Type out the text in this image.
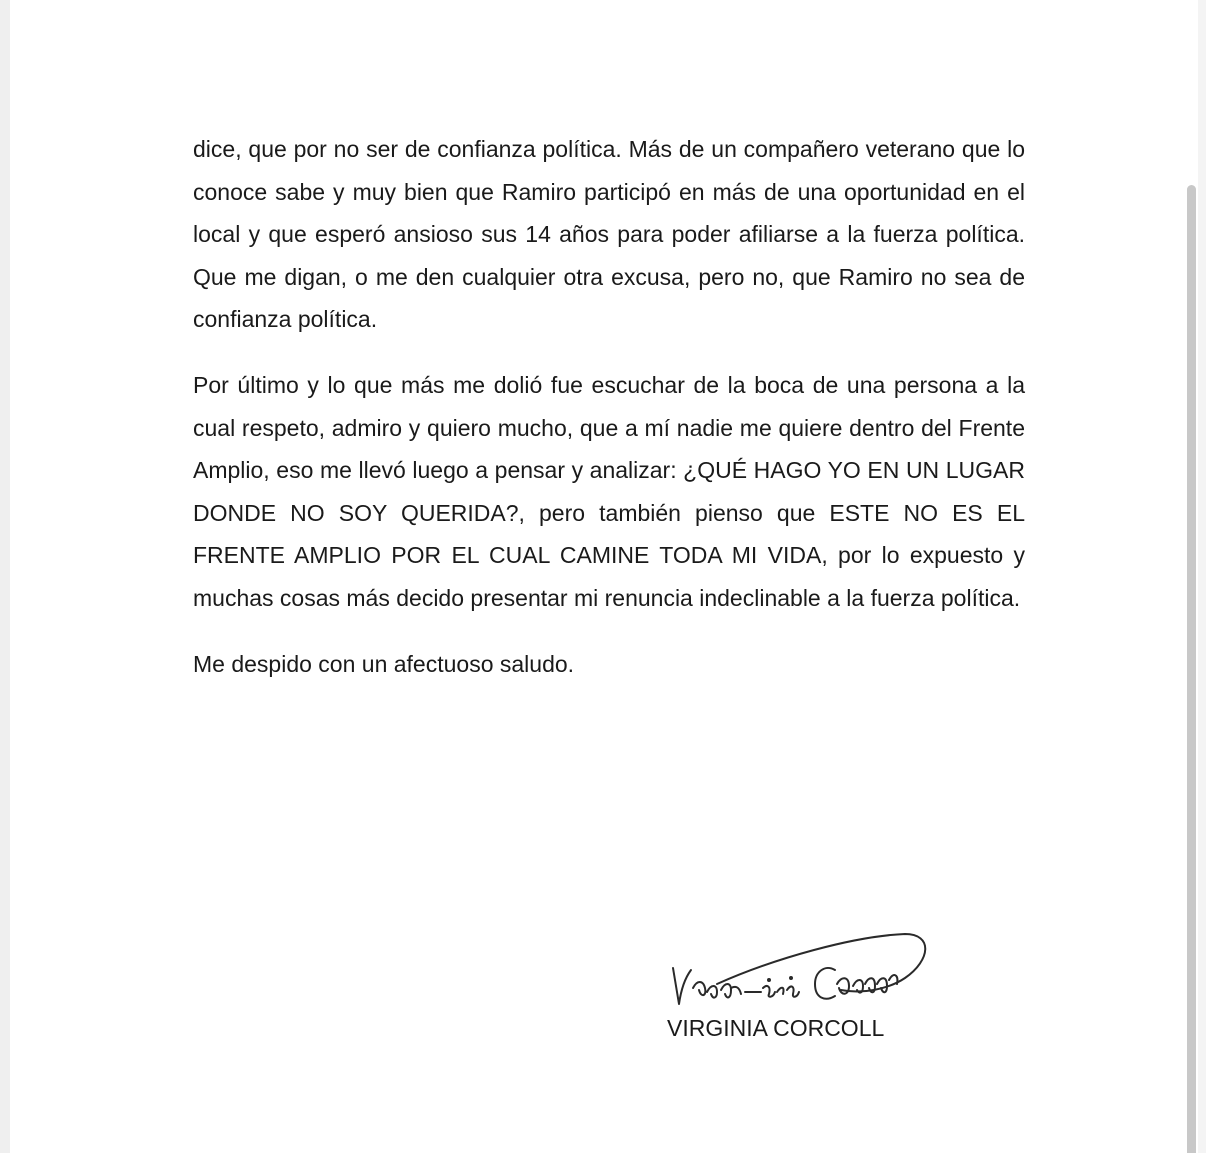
dice, que por no ser de confianza política. Más de un compañero veterano que lo conoce sabe y muy bien que Ramiro participó en más de una oportunidad en el local y que esperó ansioso sus 14 años para poder afiliarse a la fuerza política. Que me digan, o me den cualquier otra excusa, pero no, que Ramiro no sea de confianza política.

Por último y lo que más me dolió fue escuchar de la boca de una persona a la cual respeto, admiro y quiero mucho, que a mí nadie me quiere dentro del Frente Amplio, eso me llevó luego a pensar y analizar: ¿QUÉ HAGO YO EN UN LUGAR DONDE NO SOY QUERIDA?, pero también pienso que ESTE NO ES EL FRENTE AMPLIO POR EL CUAL CAMINE TODA MI VIDA, por lo expuesto y muchas cosas más decido presentar mi renuncia indeclinable a la fuerza política.

Me despido con un afectuoso saludo.

VIRGINIA CORCOLL
